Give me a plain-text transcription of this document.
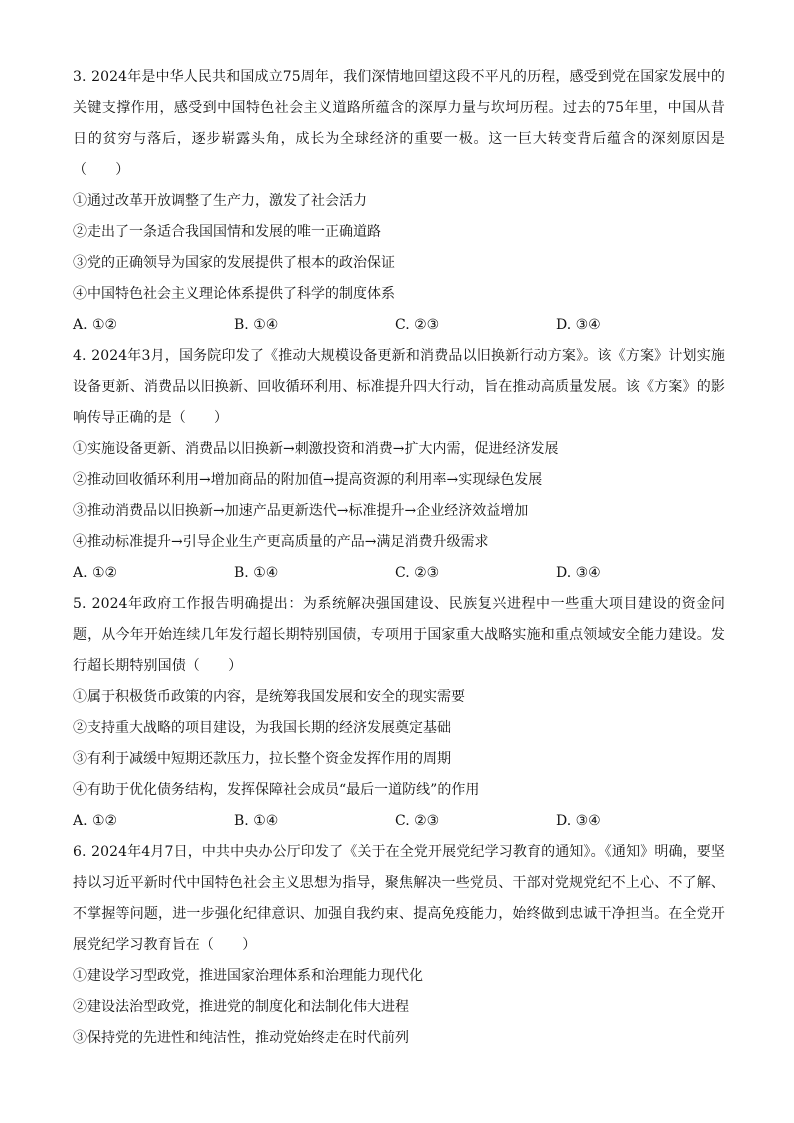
3. 2024年是中华人民共和国成立75周年，我们深情地回望这段不平凡的历程，感受到党在国家发展中的关键支撑作用，感受到中国特色社会主义道路所蕴含的深厚力量与坎坷历程。过去的75年里，中国从昔日的贫穷与落后，逐步崭露头角，成长为全球经济的重要一极。这一巨大转变背后蕴含的深刻原因是（　　）

①通过改革开放调整了生产力，激发了社会活力

②走出了一条适合我国国情和发展的唯一正确道路

③党的正确领导为国家的发展提供了根本的政治保证

④中国特色社会主义理论体系提供了科学的制度体系

A. ①②	B. ①④	C. ②③	D. ③④

4. 2024年3月，国务院印发了《推动大规模设备更新和消费品以旧换新行动方案》。该《方案》计划实施设备更新、消费品以旧换新、回收循环利用、标准提升四大行动，旨在推动高质量发展。该《方案》的影响传导正确的是（　　）

①实施设备更新、消费品以旧换新→刺激投资和消费→扩大内需，促进经济发展

②推动回收循环利用→增加商品的附加值→提高资源的利用率→实现绿色发展

③推动消费品以旧换新→加速产品更新迭代→标准提升→企业经济效益增加

④推动标准提升→引导企业生产更高质量的产品→满足消费升级需求

A. ①②	B. ①④	C. ②③	D. ③④

5. 2024年政府工作报告明确提出：为系统解决强国建设、民族复兴进程中一些重大项目建设的资金问题，从今年开始连续几年发行超长期特别国债，专项用于国家重大战略实施和重点领域安全能力建设。发行超长期特别国债（　　）

①属于积极货币政策的内容，是统筹我国发展和安全的现实需要

②支持重大战略的项目建设，为我国长期的经济发展奠定基础

③有利于减缓中短期还款压力，拉长整个资金发挥作用的周期

④有助于优化债务结构，发挥保障社会成员“最后一道防线”的作用

A. ①②	B. ①④	C. ②③	D. ③④

6. 2024年4月7日，中共中央办公厅印发了《关于在全党开展党纪学习教育的通知》。《通知》明确，要坚持以习近平新时代中国特色社会主义思想为指导，聚焦解决一些党员、干部对党规党纪不上心、不了解、不掌握等问题，进一步强化纪律意识、加强自我约束、提高免疫能力，始终做到忠诚干净担当。在全党开展党纪学习教育旨在（　　）

①建设学习型政党，推进国家治理体系和治理能力现代化

②建设法治型政党，推进党的制度化和法制化伟大进程

③保持党的先进性和纯洁性，推动党始终走在时代前列
